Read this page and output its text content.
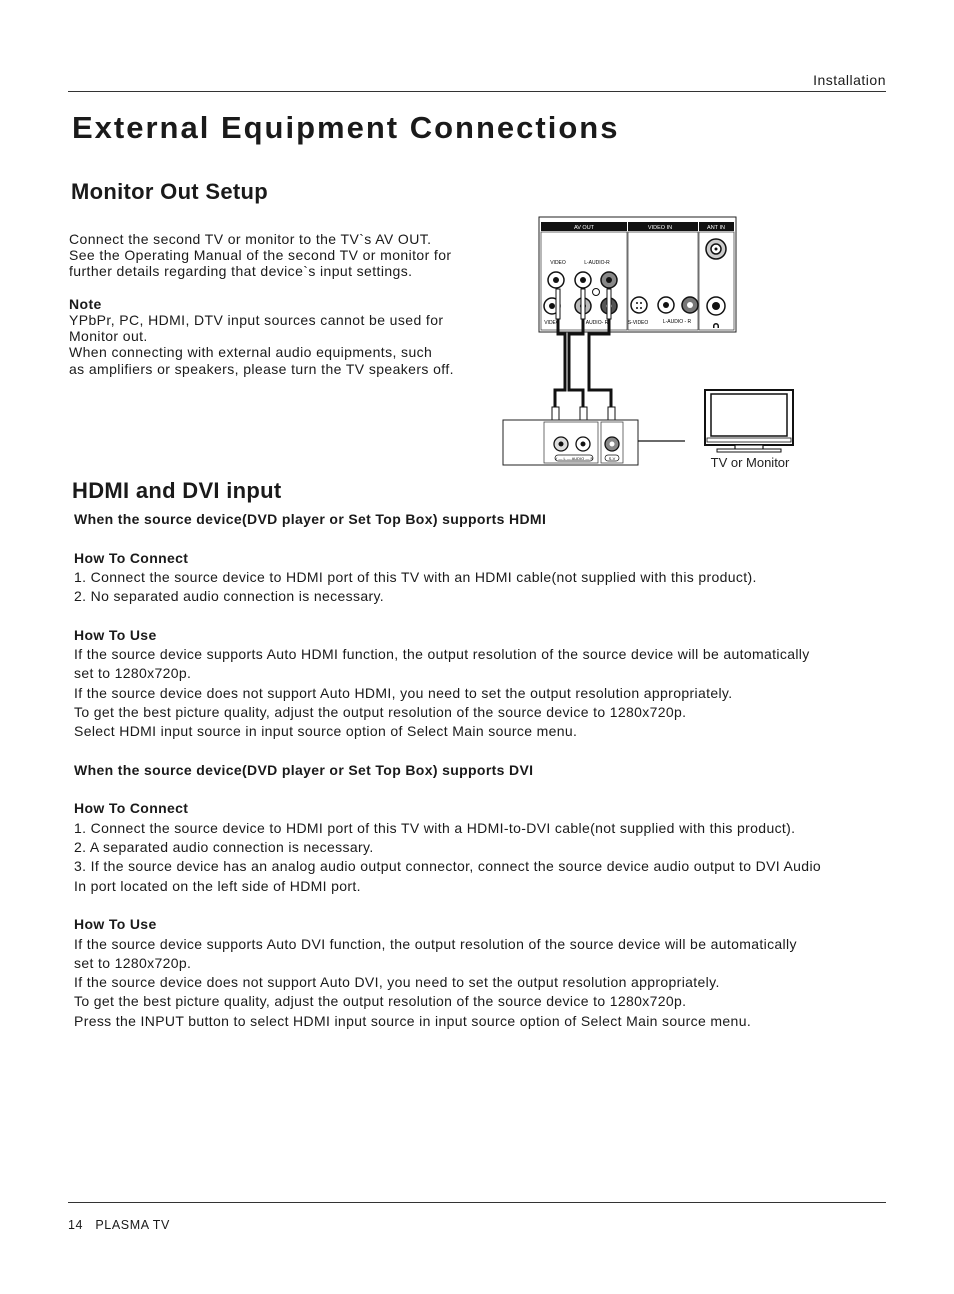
Installation
External Equipment Connections
Monitor Out Setup

Connect the second TV or monitor to the TV`s AV OUT.

See the Operating Manual of the second TV or monitor for

further details regarding that device`s input settings.

Note

YPbPr, PC, HDMI, DTV input sources cannot be used for

Monitor out.

When connecting with external audio equipments, such

as amplifiers or speakers, please turn the TV speakers off.

AV OUT	VIDEO IN	ANT IN
VIDEO	L-AUDIO-R
VIDEO	AUDIO- R	S-VIDEO	L-AUDIO - R
V — L — AUDIO — R	S-V	TV or Monitor
HDMI and DVI input

When the source device(DVD player or Set Top Box) supports HDMI

How To Connect

1. Connect the source device to HDMI port of this TV with an HDMI cable(not supplied with this product).

2. No separated audio connection is necessary.

How To Use

If the source device supports Auto HDMI function, the output resolution of the source device will be automatically

set to 1280x720p.

If the source device does not support Auto HDMI, you need to set the output resolution appropriately.

To get the best picture quality, adjust the output resolution of the source device to 1280x720p.

Select HDMI input source in input source option of Select Main source menu.

When the source device(DVD player or Set Top Box) supports DVI

How To Connect

1. Connect the source device to HDMI port of this TV with a HDMI-to-DVI cable(not supplied with this product).

2. A separated audio connection is necessary.

3. If the source device has an analog audio output connector, connect the source device audio output to DVI Audio

In port located on the left side of HDMI port.

How To Use

If the source device supports Auto DVI function, the output resolution of the source device will be automatically

set to 1280x720p.

If the source device does not support Auto DVI, you need to set the output resolution appropriately.

To get the best picture quality, adjust the output resolution of the source device to 1280x720p.

Press the INPUT button to select HDMI input source in input source option of Select Main source menu.

14 PLASMA TV
